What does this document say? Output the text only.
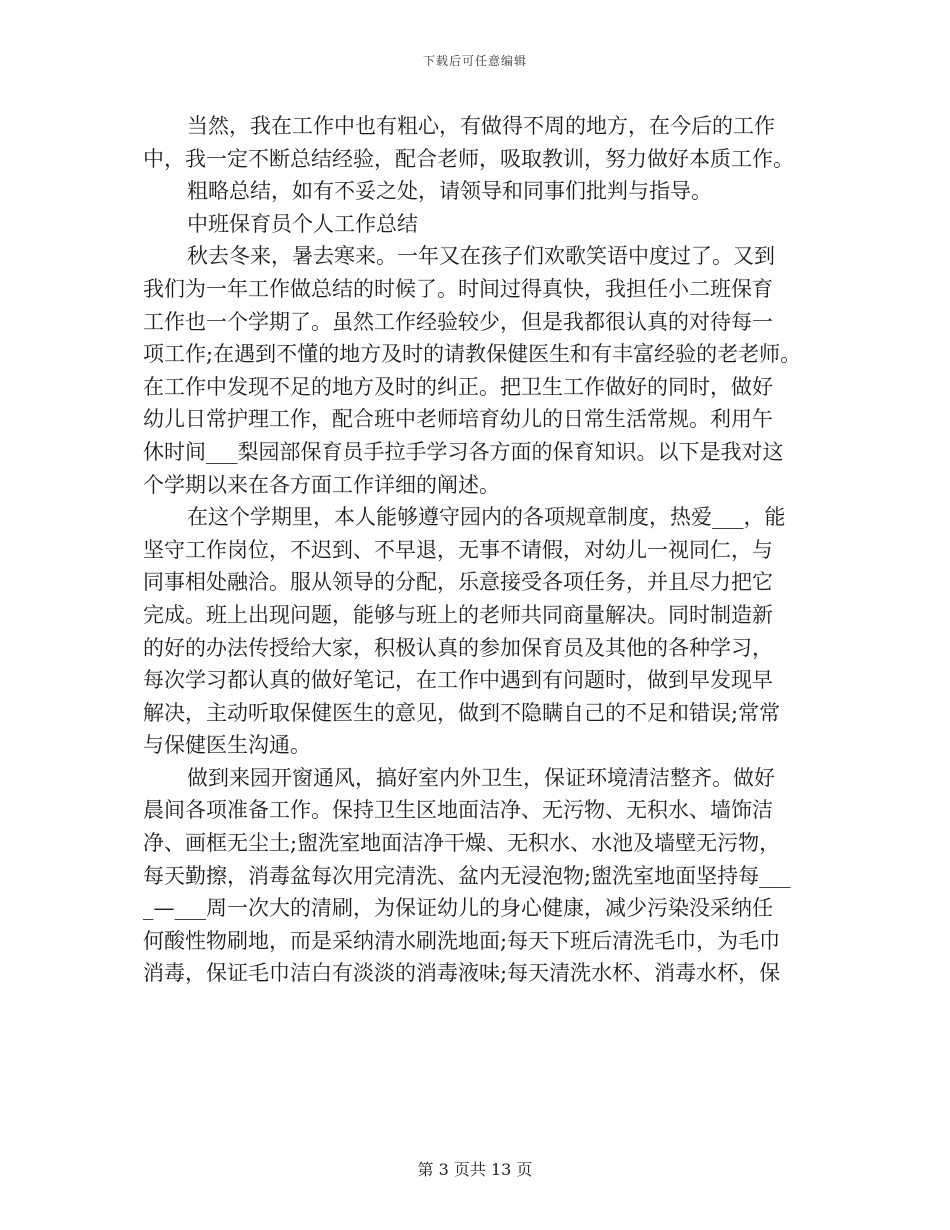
下载后可任意编辑
当然，我在工作中也有粗心，有做得不周的地方，在今后的工作
中，我一定不断总结经验，配合老师，吸取教训，努力做好本质工作。
粗略总结，如有不妥之处，请领导和同事们批判与指导。
中班保育员个人工作总结
秋去冬来，暑去寒来。一年又在孩子们欢歌笑语中度过了。又到
我们为一年工作做总结的时候了。时间过得真快，我担任小二班保育
工作也一个学期了。虽然工作经验较少，但是我都很认真的对待每一
项工作;在遇到不懂的地方及时的请教保健医生和有丰富经验的老老师。
在工作中发现不足的地方及时的纠正。把卫生工作做好的同时，做好
幼儿日常护理工作，配合班中老师培育幼儿的日常生活常规。利用午
休时间___梨园部保育员手拉手学习各方面的保育知识。以下是我对这
个学期以来在各方面工作详细的阐述。
在这个学期里，本人能够遵守园内的各项规章制度，热爱___，能
坚守工作岗位，不迟到、不早退，无事不请假，对幼儿一视同仁，与
同事相处融洽。服从领导的分配，乐意接受各项任务，并且尽力把它
完成。班上出现问题，能够与班上的老师共同商量解决。同时制造新
的好的办法传授给大家，积极认真的参加保育员及其他的各种学习，
每次学习都认真的做好笔记，在工作中遇到有问题时，做到早发现早
解决，主动听取保健医生的意见，做到不隐瞒自己的不足和错误;常常
与保健医生沟通。
做到来园开窗通风，搞好室内外卫生，保证环境清洁整齐。做好
晨间各项准备工作。保持卫生区地面洁净、无污物、无积水、墙饰洁
净、画框无尘土;盥洗室地面洁净干燥、无积水、水池及墙壁无污物，
每天勤擦，消毒盆每次用完清洗、盆内无浸泡物;盥洗室地面坚持每___
_—___周一次大的清刷，为保证幼儿的身心健康，减少污染没采纳任
何酸性物刷地，而是采纳清水刷洗地面;每天下班后清洗毛巾，为毛巾
消毒，保证毛巾洁白有淡淡的消毒液味;每天清洗水杯、消毒水杯，保
第 3 页共 13 页
